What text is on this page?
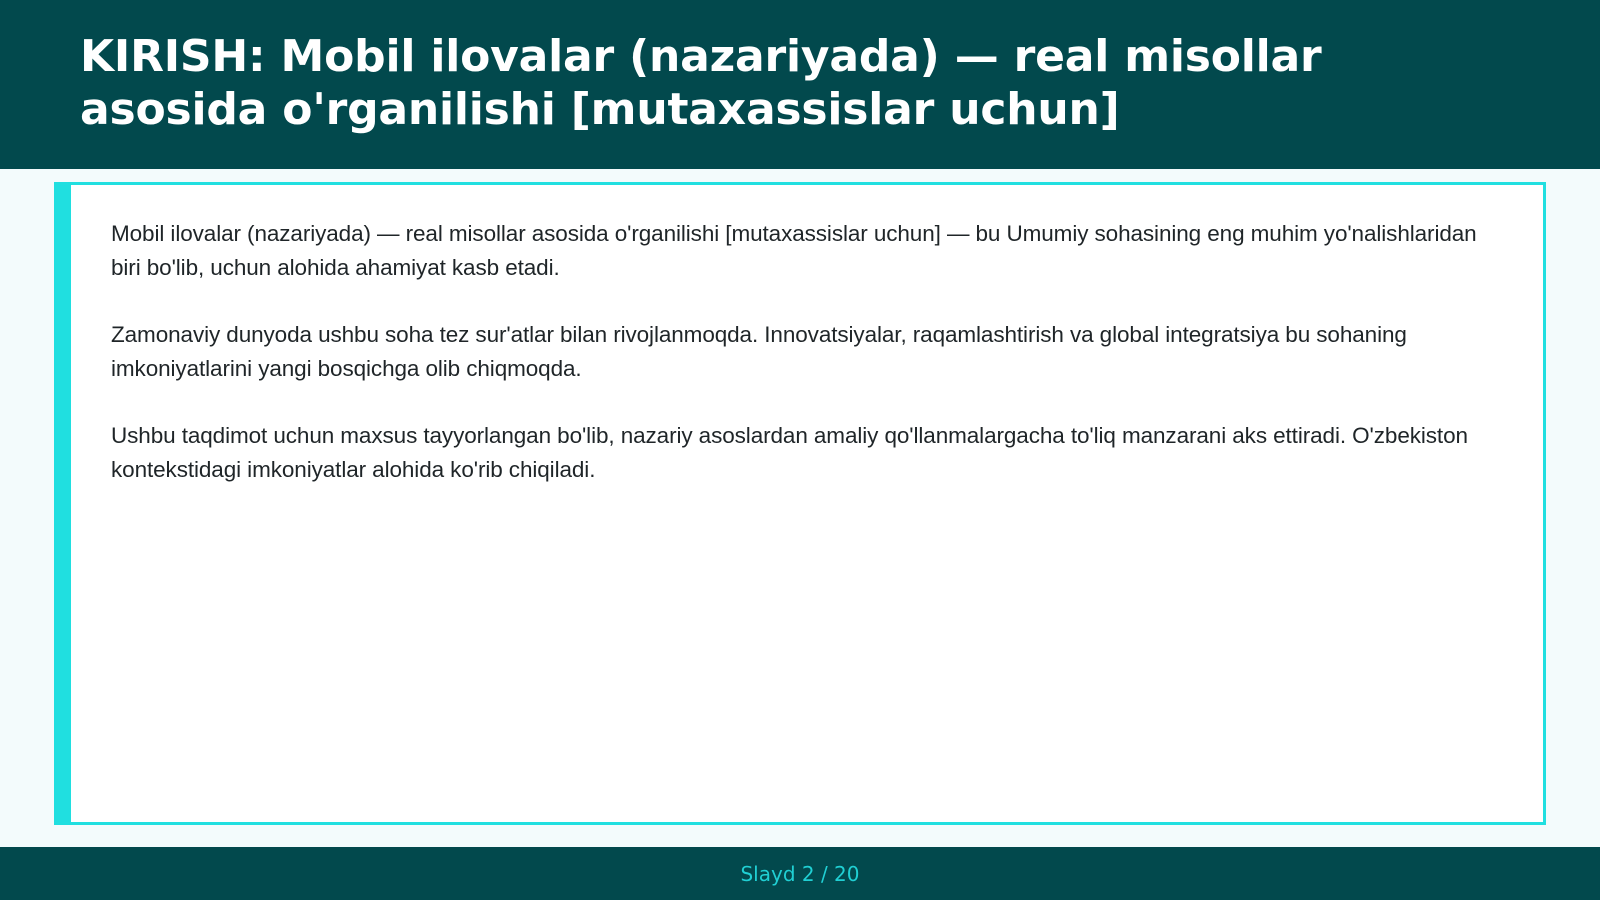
KIRISH: Mobil ilovalar (nazariyada) — real misollar asosida o'rganilishi [mutaxassislar uchun]

Mobil ilovalar (nazariyada) — real misollar asosida o'rganilishi [mutaxassislar uchun] — bu Umumiy sohasining eng muhim yo'nalishlaridan biri bo'lib, uchun alohida ahamiyat kasb etadi.

Zamonaviy dunyoda ushbu soha tez sur'atlar bilan rivojlanmoqda. Innovatsiyalar, raqamlashtirish va global integratsiya bu sohaning imkoniyatlarini yangi bosqichga olib chiqmoqda.

Ushbu taqdimot uchun maxsus tayyorlangan bo'lib, nazariy asoslardan amaliy qo'llanmalargacha to'liq manzarani aks ettiradi. O'zbekiston kontekstidagi imkoniyatlar alohida ko'rib chiqiladi.

Slayd 2 / 20
